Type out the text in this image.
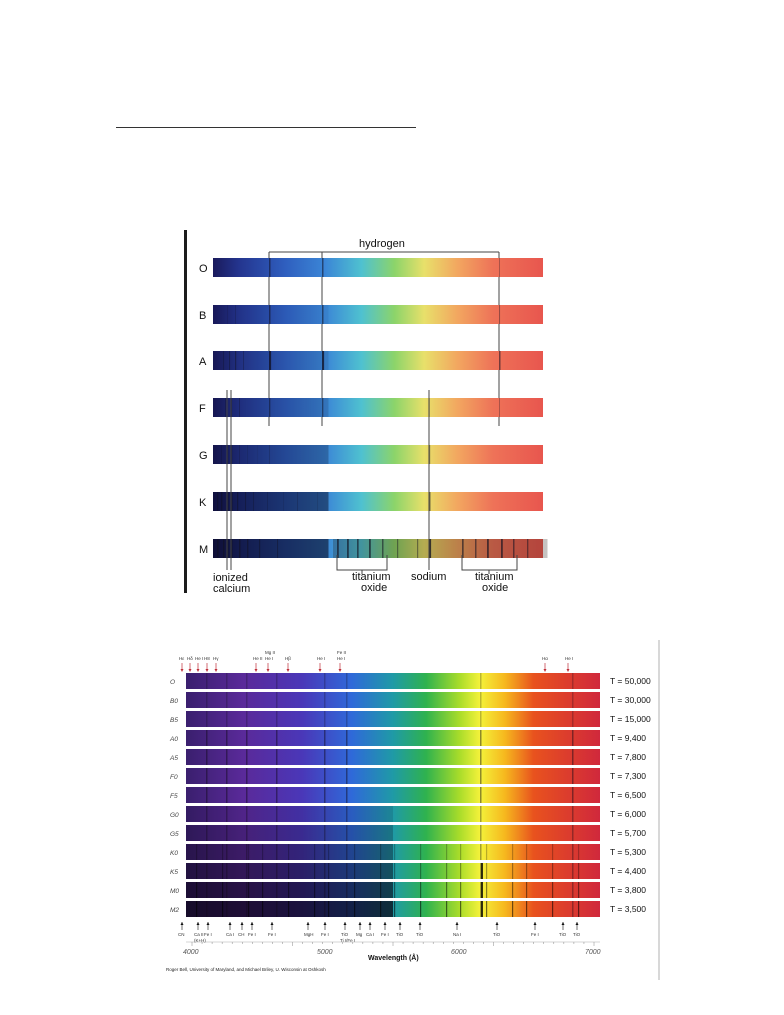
hydrogen
O
B
A
F
G
K
M
ionized
calcium
titanium
oxide
sodium	titanium
oxide
Hε Hδ He I H8 Hγ	He II He I	Hβ	He I	He I	Hα	He I
Mg II	Fe II
O	T = 50,000
B0	T = 30,000
B5	T = 15,000
A0	T = 9,400
A5	T = 7,800
F0	T = 7,300
F5	T = 6,500
G0	T = 6,000
G5	T = 5,700
K0	T = 5,300
K5	T = 4,400
M0	T = 3,800
M2	T = 3,500
CN Ca II Fe I	Ca I CH Fe I	Fe I	MgH Fe I	TiO Mg Ca I Fe I TiO	TiO	Na I	TiO	Fe I	TiO TiO
(K+H)	Ti I/Fe I
4000	5000	6000	7000
Wavelength (Å)
Roger Bell, University of Maryland, and Michael Briley, U. Wisconsin at Oshkosh
